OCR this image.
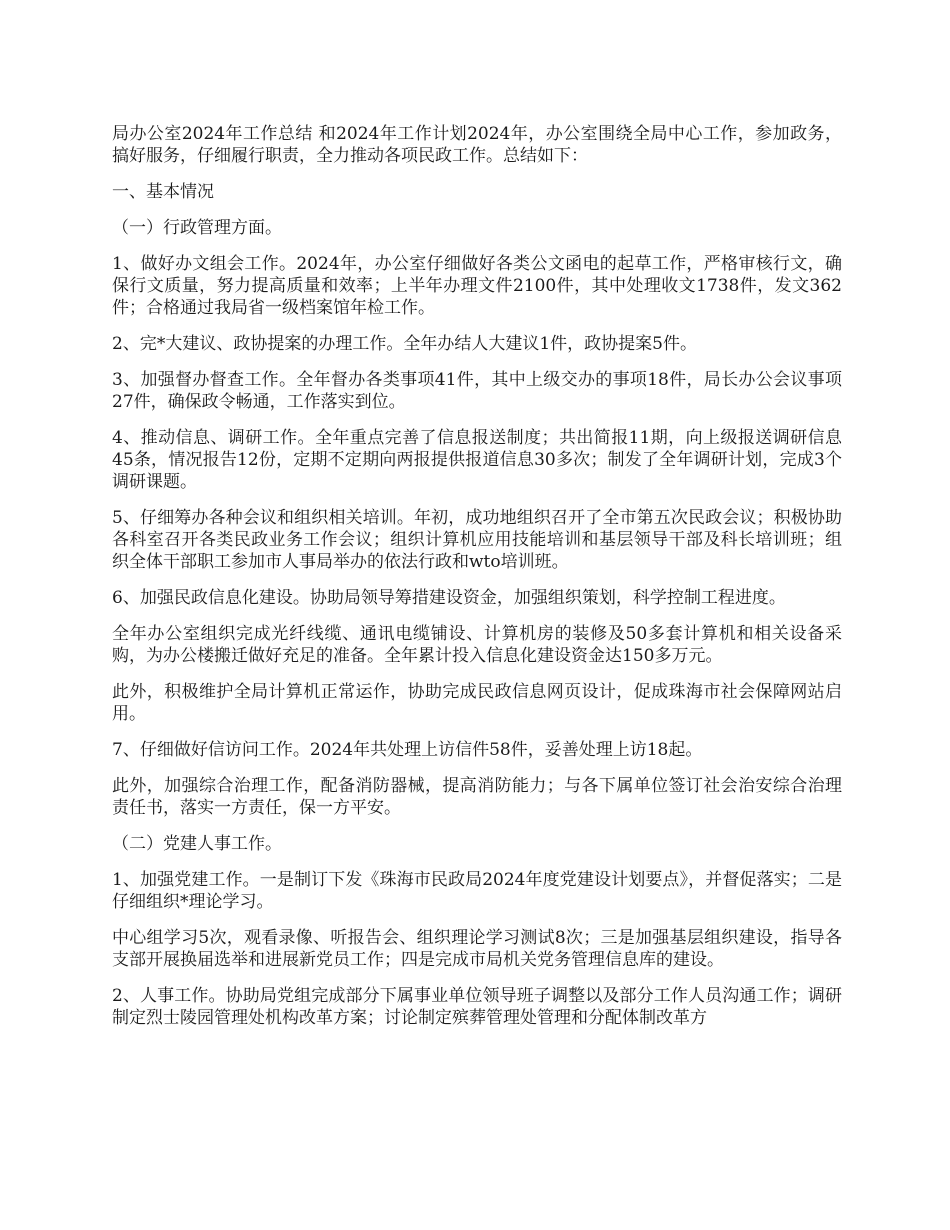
局办公室2024年工作总结 和2024年工作计划2024年，办公室围绕全局中心工作，参加政务，搞好服务，仔细履行职责，全力推动各项民政工作。总结如下：

一、基本情况

（一）行政管理方面。

1、做好办文组会工作。2024年，办公室仔细做好各类公文函电的起草工作，严格审核行文，确保行文质量，努力提高质量和效率；上半年办理文件2100件，其中处理收文1738件，发文362件；合格通过我局省一级档案馆年检工作。

2、完*大建议、政协提案的办理工作。全年办结人大建议1件，政协提案5件。

3、加强督办督查工作。全年督办各类事项41件，其中上级交办的事项18件，局长办公会议事项27件，确保政令畅通，工作落实到位。

4、推动信息、调研工作。全年重点完善了信息报送制度；共出简报11期，向上级报送调研信息45条，情况报告12份，定期不定期向两报提供报道信息30多次；制发了全年调研计划，完成3个调研课题。

5、仔细筹办各种会议和组织相关培训。年初，成功地组织召开了全市第五次民政会议；积极协助各科室召开各类民政业务工作会议；组织计算机应用技能培训和基层领导干部及科长培训班；组织全体干部职工参加市人事局举办的依法行政和wto培训班。

6、加强民政信息化建设。协助局领导筹措建设资金，加强组织策划，科学控制工程进度。

全年办公室组织完成光纤线缆、通讯电缆铺设、计算机房的装修及50多套计算机和相关设备采购，为办公楼搬迁做好充足的准备。全年累计投入信息化建设资金达150多万元。

此外，积极维护全局计算机正常运作，协助完成民政信息网页设计，促成珠海市社会保障网站启用。

7、仔细做好信访问工作。2024年共处理上访信件58件，妥善处理上访18起。

此外，加强综合治理工作，配备消防器械，提高消防能力；与各下属单位签订社会治安综合治理责任书，落实一方责任，保一方平安。

（二）党建人事工作。

1、加强党建工作。一是制订下发《珠海市民政局2024年度党建设计划要点》，并督促落实；二是仔细组织*理论学习。

中心组学习5次，观看录像、听报告会、组织理论学习测试8次；三是加强基层组织建设，指导各支部开展换届选举和进展新党员工作；四是完成市局机关党务管理信息库的建设。

2、人事工作。协助局党组完成部分下属事业单位领导班子调整以及部分工作人员沟通工作；调研制定烈士陵园管理处机构改革方案；讨论制定殡葬管理处管理和分配体制改革方
